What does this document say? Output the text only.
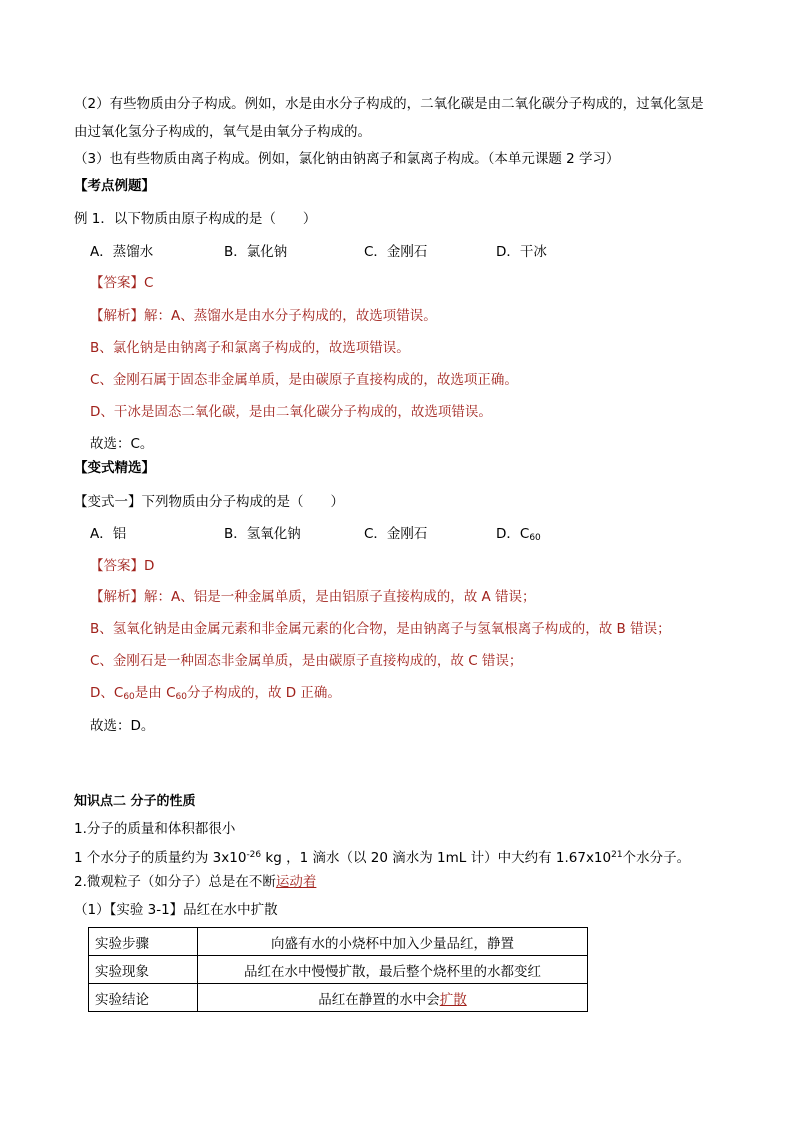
（2）有些物质由分子构成。例如，水是由水分子构成的，二氧化碳是由二氧化碳分子构成的，过氧化氢是
由过氧化氢分子构成的，氧气是由氧分子构成的。
（3）也有些物质由离子构成。例如，氯化钠由钠离子和氯离子构成。（本单元课题 2 学习）
【考点例题】
例 1．以下物质由原子构成的是（　　）
A．蒸馏水	B．氯化钠	C．金刚石	D．干冰
【答案】C
【解析】解：A、蒸馏水是由水分子构成的，故选项错误。
B、氯化钠是由钠离子和氯离子构成的，故选项错误。
C、金刚石属于固态非金属单质，是由碳原子直接构成的，故选项正确。
D、干冰是固态二氧化碳，是由二氧化碳分子构成的，故选项错误。
故选：C。
【变式精选】
【变式一】下列物质由分子构成的是（　　）
A．铝	B．氢氧化钠	C．金刚石	D．$C_{60}$
【答案】D
【解析】解：A、铝是一种金属单质，是由铝原子直接构成的，故 A 错误；
B、氢氧化钠是由金属元素和非金属元素的化合物，是由钠离子与氢氧根离子构成的，故 B 错误；
C、金刚石是一种固态非金属单质，是由碳原子直接构成的，故 C 错误；
D、$C_{60}$是由 $C_{60}$分子构成的，故 D 正确。
故选：D。
知识点二 分子的性质
1.分子的质量和体积都很小
1 个水分子的质量约为 $3x10^{-26}$ kg ，1 滴水（以 20 滴水为 1mL 计）中大约有 $1.67x10^{21}$个水分子。
2.微观粒子（如分子）总是在不断运动着
（1）【实验 3-1】品红在水中扩散
实验步骤	向盛有水的小烧杯中加入少量品红，静置
实验现象	品红在水中慢慢扩散，最后整个烧杯里的水都变红
实验结论	品红在静置的水中会扩散
